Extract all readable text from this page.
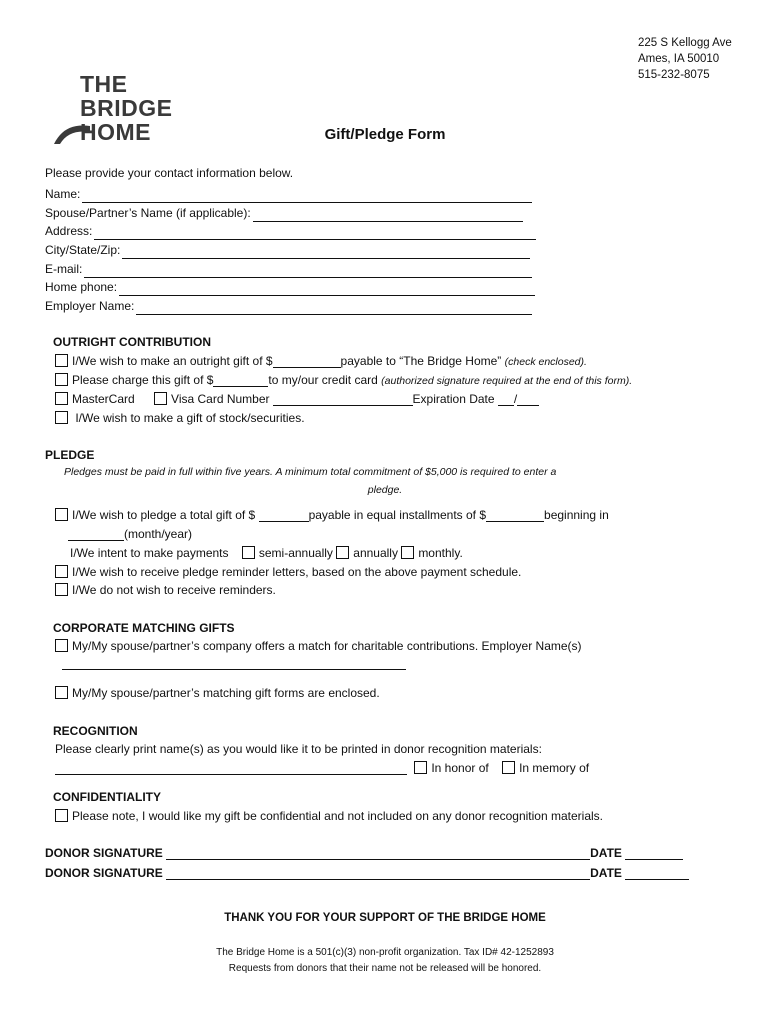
225 S Kellogg Ave
Ames, IA 50010
515-232-8075
THE
BRIDGE
HOME	Gift/Pledge Form
Please provide your contact information below.
Name:
Spouse/Partner’s Name (if applicable):
Address:
City/State/Zip:
E-mail:
Home phone:
Employer Name:
OUTRIGHT CONTRIBUTION
I/We wish to make an outright gift of $	payable to “The Bridge Home” (check enclosed).
Please charge this gift of $	to my/our credit card (authorized signature required at the end of this form).
MasterCard	Visa Card Number	Expiration Date /
I/We wish to make a gift of stock/securities.
PLEDGE
Pledges must be paid in full within five years. A minimum total commitment of $5,000 is required to enter a
pledge.
I/We wish to pledge a total gift of $	payable in equal installments of $	beginning in
(month/year)
I/We intent to make payments	semi-annually annually monthly.
I/We wish to receive pledge reminder letters, based on the above payment schedule.
I/We do not wish to receive reminders.
CORPORATE MATCHING GIFTS
My/My spouse/partner’s company offers a match for charitable contributions. Employer Name(s)
My/My spouse/partner’s matching gift forms are enclosed.
RECOGNITION
Please clearly print name(s) as you would like it to be printed in donor recognition materials:
In honor of	In memory of
CONFIDENTIALITY
Please note, I would like my gift be confidential and not included on any donor recognition materials.
DONOR SIGNATURE	DATE
DONOR SIGNATURE	DATE
THANK YOU FOR YOUR SUPPORT OF THE BRIDGE HOME
The Bridge Home is a 501(c)(3) non-profit organization. Tax ID# 42-1252893
Requests from donors that their name not be released will be honored.
